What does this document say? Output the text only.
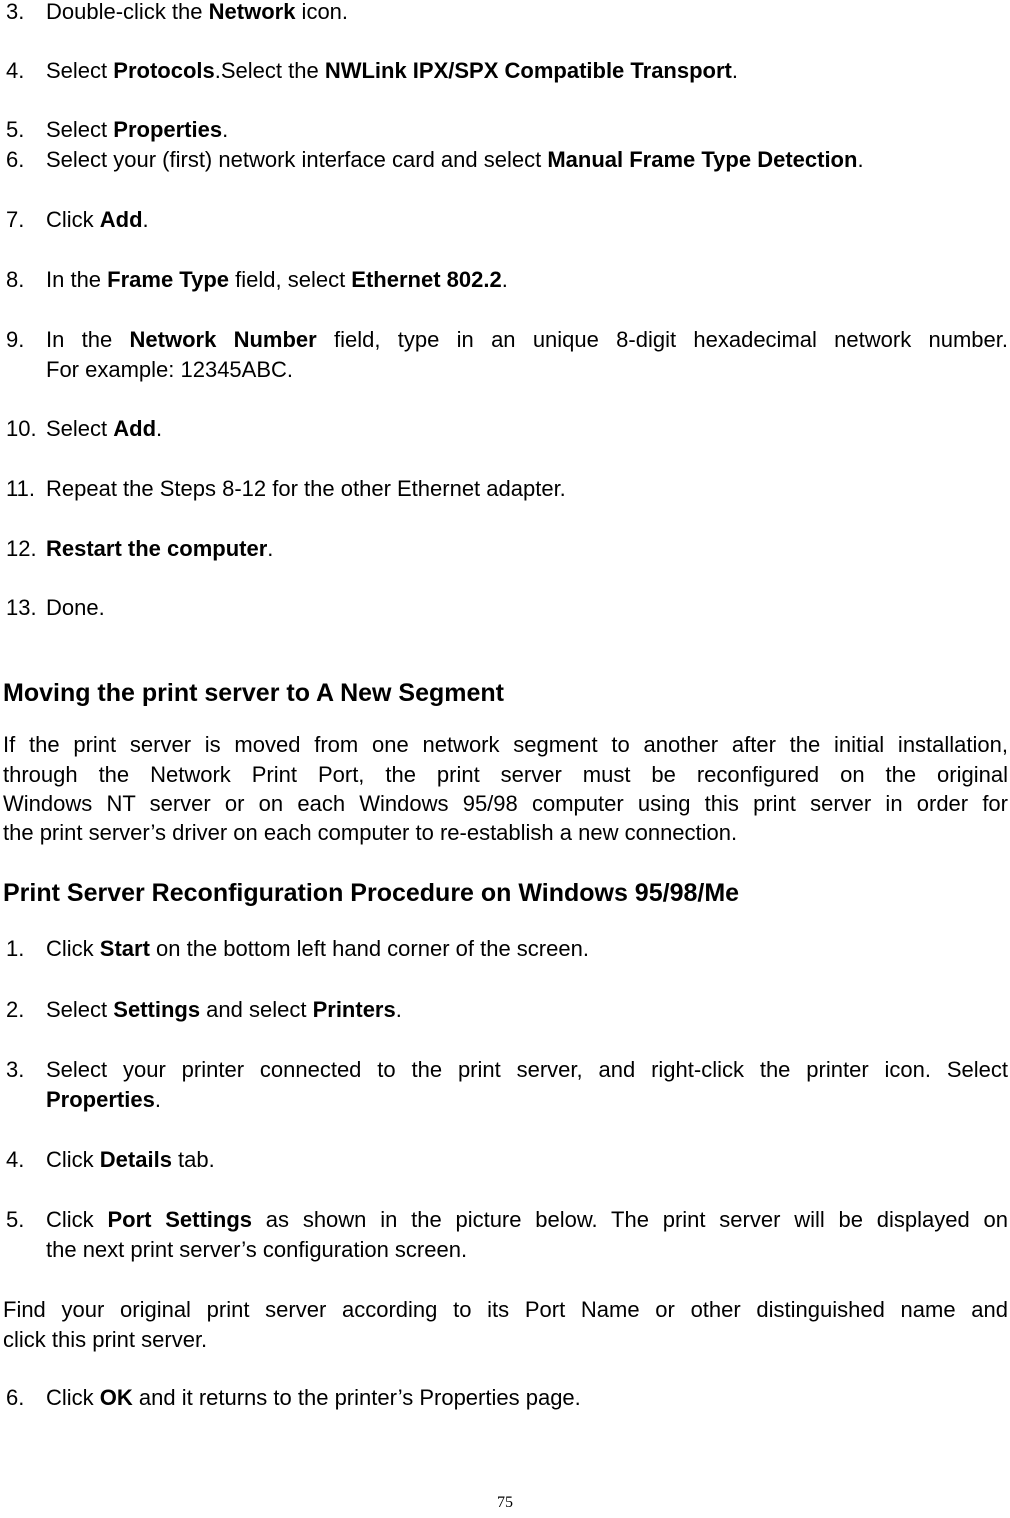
3. Double-click the Network icon.
4. Select Protocols.Select the NWLink IPX/SPX Compatible Transport.
5. Select Properties.
6. Select your (first) network interface card and select Manual Frame Type Detection.
7. Click Add.
8. In the Frame Type field, select Ethernet 802.2.
9. In the Network Number field, type in an unique 8-digit hexadecimal network number.
For example: 12345ABC.
10. Select Add.
11. Repeat the Steps 8-12 for the other Ethernet adapter.
12. Restart the computer.
13. Done.
Moving the print server to A New Segment
If the print server is moved from one network segment to another after the initial installation,
through the Network Print Port, the print server must be reconfigured on the original
Windows NT server or on each Windows 95/98 computer using this print server in order for
the print server’s driver on each computer to re-establish a new connection.
Print Server Reconfiguration Procedure on Windows 95/98/Me
1. Click Start on the bottom left hand corner of the screen.
2. Select Settings and select Printers.
3. Select your printer connected to the print server, and right-click the printer icon. Select
Properties.
4. Click Details tab.
5. Click Port Settings as shown in the picture below. The print server will be displayed on
the next print server’s configuration screen.
Find your original print server according to its Port Name or other distinguished name and
click this print server.
6. Click OK and it returns to the printer’s Properties page.
75
